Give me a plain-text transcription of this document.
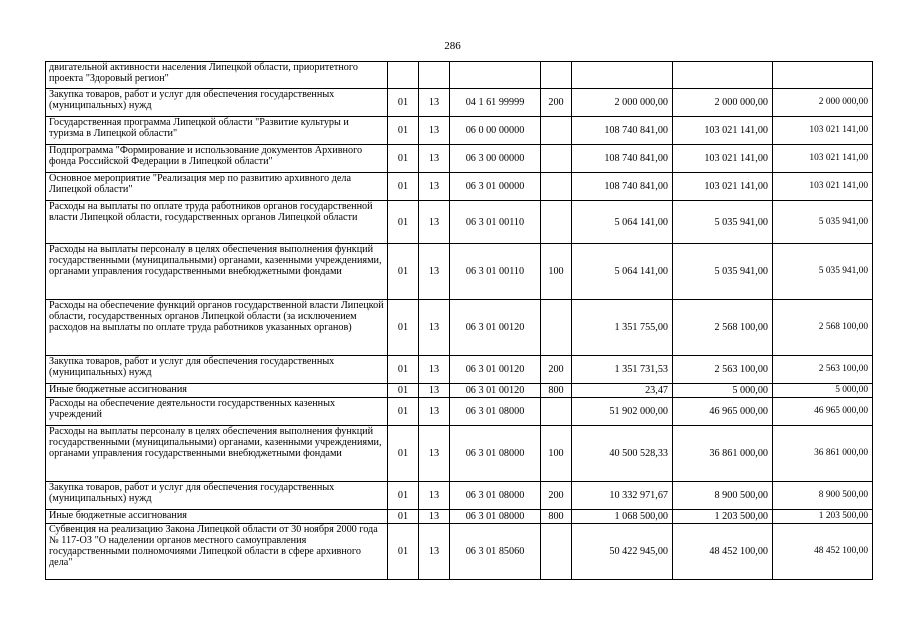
286
двигательной активности населения Липецкой области, приоритетного проекта "Здоровый регион"							
Закупка товаров, работ и услуг для обеспечения государственных (муниципальных) нужд	01	13	04 1 61 99999	200	2 000 000,00	2 000 000,00	2 000 000,00
Государственная программа Липецкой области "Развитие культуры и туризма в Липецкой области"	01	13	06 0 00 00000		108 740 841,00	103 021 141,00	103 021 141,00
Подпрограмма "Формирование и использование документов Архивного фонда Российской Федерации в Липецкой области"	01	13	06 3 00 00000		108 740 841,00	103 021 141,00	103 021 141,00
Основное мероприятие "Реализация мер по развитию архивного дела Липецкой области"	01	13	06 3 01 00000		108 740 841,00	103 021 141,00	103 021 141,00
Расходы на выплаты по оплате труда работников органов государственной власти Липецкой области, государственных органов Липецкой области	01	13	06 3 01 00110		5 064 141,00	5 035 941,00	5 035 941,00
Расходы на выплаты персоналу в целях обеспечения выполнения функций государственными (муниципальными) органами, казенными учреждениями, органами управления государственными внебюджетными фондами	01	13	06 3 01 00110	100	5 064 141,00	5 035 941,00	5 035 941,00
Расходы на обеспечение функций органов государственной власти Липецкой области, государственных органов Липецкой области (за исключением расходов на выплаты по оплате труда работников указанных органов)	01	13	06 3 01 00120		1 351 755,00	2 568 100,00	2 568 100,00
Закупка товаров, работ и услуг для обеспечения государственных (муниципальных) нужд	01	13	06 3 01 00120	200	1 351 731,53	2 563 100,00	2 563 100,00
Иные бюджетные ассигнования	01	13	06 3 01 00120	800	23,47	5 000,00	5 000,00
Расходы на обеспечение деятельности государственных казенных учреждений	01	13	06 3 01 08000		51 902 000,00	46 965 000,00	46 965 000,00
Расходы на выплаты персоналу в целях обеспечения выполнения функций государственными (муниципальными) органами, казенными учреждениями, органами управления государственными внебюджетными фондами	01	13	06 3 01 08000	100	40 500 528,33	36 861 000,00	36 861 000,00
Закупка товаров, работ и услуг для обеспечения государственных (муниципальных) нужд	01	13	06 3 01 08000	200	10 332 971,67	8 900 500,00	8 900 500,00
Иные бюджетные ассигнования	01	13	06 3 01 08000	800	1 068 500,00	1 203 500,00	1 203 500,00
Субвенция на реализацию Закона Липецкой области от 30 ноября 2000 года № 117-ОЗ "О наделении органов местного самоуправления государственными полномочиями Липецкой области в сфере архивного дела"	01	13	06 3 01 85060		50 422 945,00	48 452 100,00	48 452 100,00
